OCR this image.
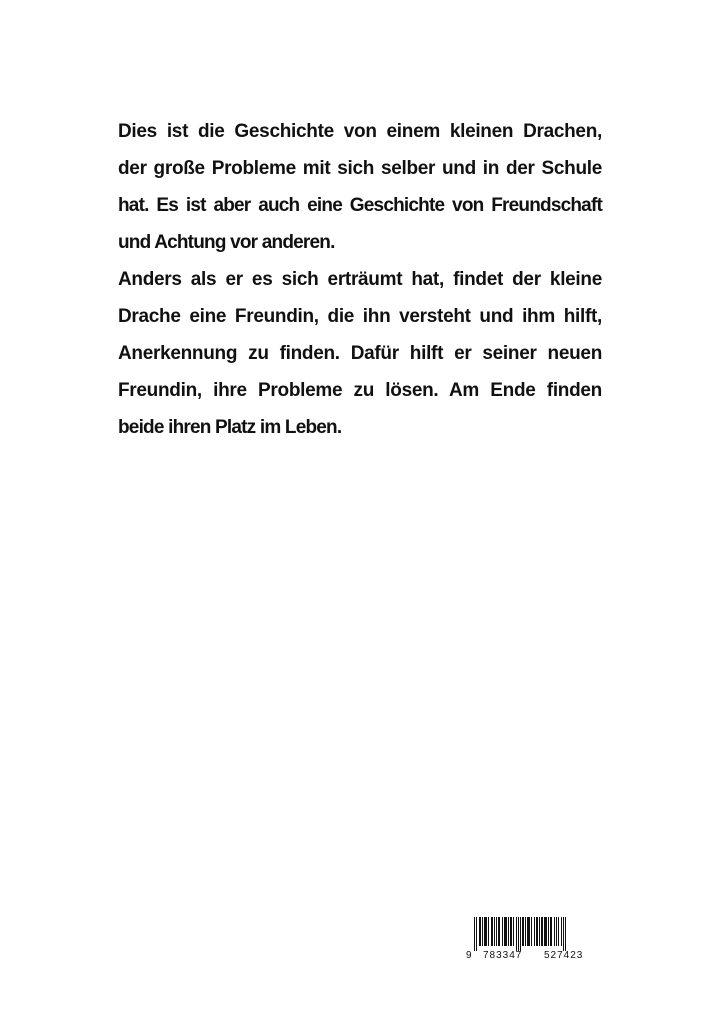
Dies ist die Geschichte von einem kleinen Drachen,
der große Probleme mit sich selber und in der Schule
hat. Es ist aber auch eine Geschichte von Freundschaft
und Achtung vor anderen.
Anders als er es sich erträumt hat, findet der kleine
Drache eine Freundin, die ihn versteht und ihm hilft,
Anerkennung zu finden. Dafür hilft er seiner neuen
Freundin, ihre Probleme zu lösen. Am Ende finden
beide ihren Platz im Leben.
9 783347 527423
